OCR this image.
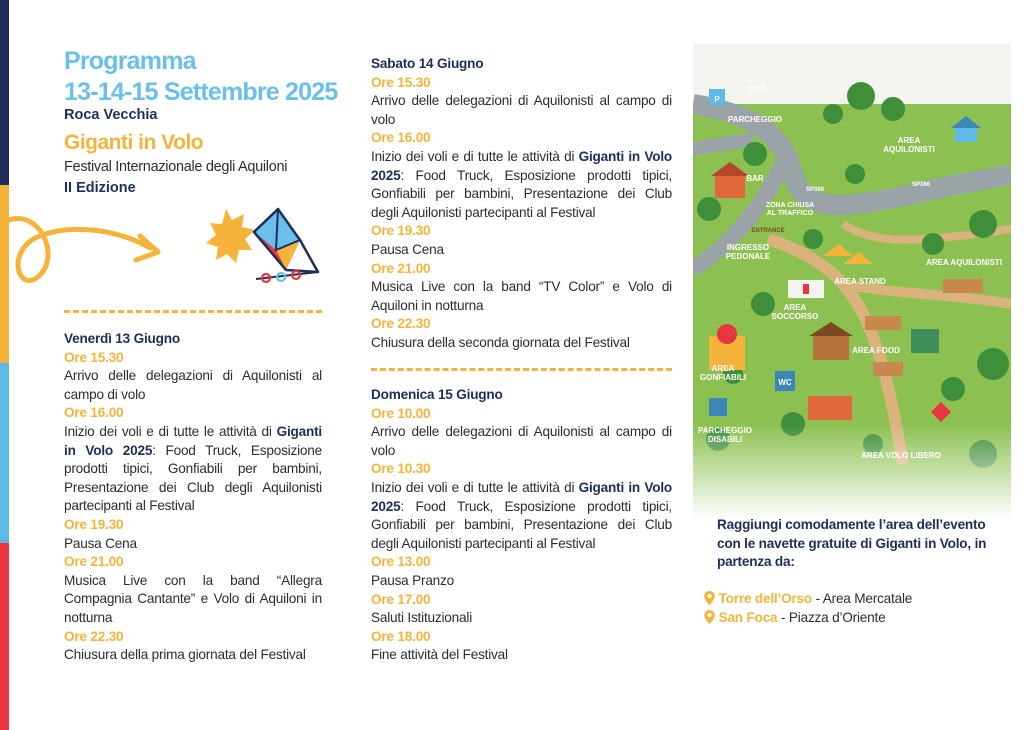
Programma
13-14-15 Settembre 2025
Roca Vecchia
Giganti in Volo
Festival Internazionale degli Aquiloni
II Edizione

Venerdì 13 Giugno

Ore 15.30
Arrivo delle delegazioni di Aquilonisti al campo di volo

Ore 16.00
Inizio dei voli e di tutte le attività di Giganti in Volo 2025: Food Truck, Esposizione prodotti tipici, Gonfiabili per bambini, Presentazione dei Club degli Aquilonisti partecipanti al Festival

Ore 19.30
Pausa Cena

Ore 21.00
Musica Live con la band “Allegra Compagnia Cantante” e Volo di Aquiloni in notturna

Ore 22.30
Chiusura della prima giornata del Festival

Sabato 14 Giugno

Ore 15.30
Arrivo delle delegazioni di Aquilonisti al campo di volo

Ore 16.00
Inizio dei voli e di tutte le attività di Giganti in Volo 2025: Food Truck, Esposizione prodotti tipici, Gonfiabili per bambini, Presentazione dei Club degli Aquilonisti partecipanti al Festival

Ore 19.30
Pausa Cena

Ore 21.00
Musica Live con la band “TV Color” e Volo di Aquiloni in notturna

Ore 22.30
Chiusura della seconda giornata del Festival

Domenica 15 Giugno

Ore 10.00
Arrivo delle delegazioni di Aquilonisti al campo di volo

Ore 10.30
Inizio dei voli e di tutte le attività di Giganti in Volo 2025: Food Truck, Esposizione prodotti tipici, Gonfiabili per bambini, Presentazione dei Club degli Aquilonisti partecipanti al Festival

Ore 13.00
Pausa Pranzo

Ore 17.00
Saluti Istituzionali

Ore 18.00
Fine attività del Festival

P
SP366
PARCHEGGIO
AREA
AQUILONISTI
BAR
SP366
SP366
ZONA CHIUSA
AL TRAFFICO
ENTRANCE
INGRESSO
PEDONALE
AREA AQUILONISTI
AREA STAND
AREA
SOCCORSO
AREA FOOD
AREA
GONFIABILI
WC
Raggiungi comodamente l’area dell’evento con le navette gratuite di Giganti in Volo, in partenza da:
Torre dell’Orso - Area Mercatale
San Foca - Piazza d’Oriente
